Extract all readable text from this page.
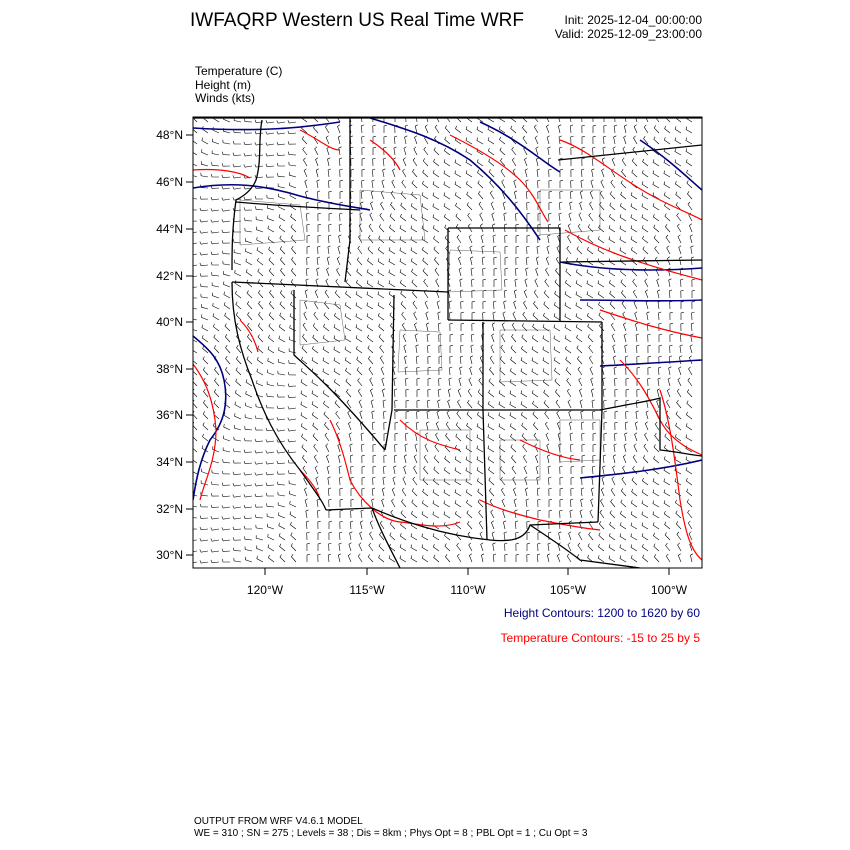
IWFAQRP Western US Real Time WRF	Init: 2025-12-04_00:00:00
Valid: 2025-12-09_23:00:00
Temperature (C)
Height (m)
Winds (kts)
48°N
46°N
44°N
42°N
40°N
38°N
36°N
34°N
32°N
30°N
120°W	115°W	110°W	105°W	100°W
Height Contours: 1200 to 1620 by 60
Temperature Contours: -15 to 25 by 5
OUTPUT FROM WRF V4.6.1 MODEL
WE = 310 ; SN = 275 ; Levels = 38 ; Dis = 8km ; Phys Opt = 8 ; PBL Opt = 1 ; Cu Opt = 3
